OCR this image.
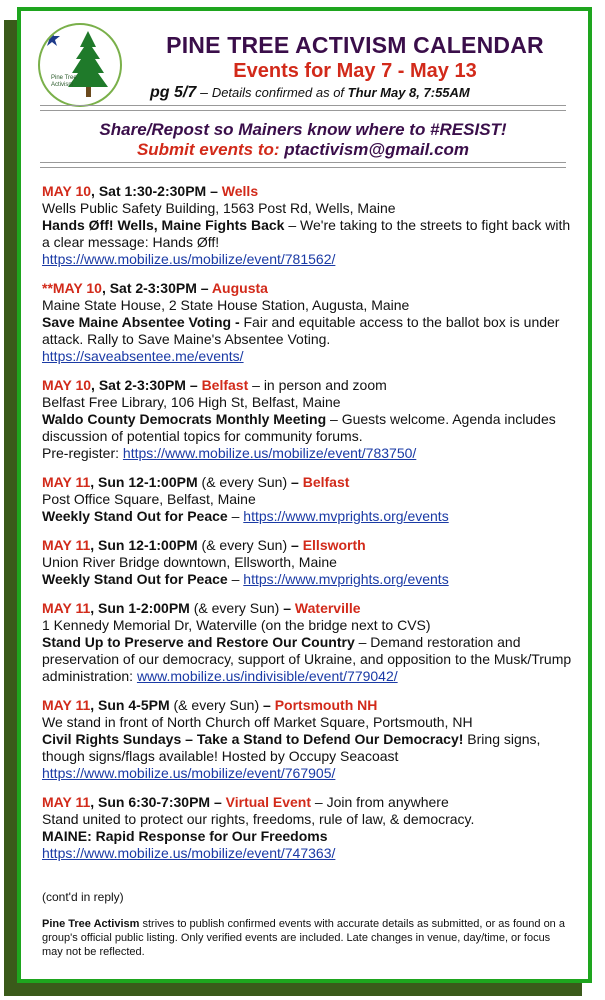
Pine Tree
Activism
PINE TREE ACTIVISM CALENDAR
Events for May 7 - May 13
pg 5/7 – Details confirmed as of Thur May 8, 7:55AM
Share/Repost so Mainers know where to #RESIST!
Submit events to: ptactivism@gmail.com
MAY 10, Sat 1:30-2:30PM – Wells
Wells Public Safety Building, 1563 Post Rd, Wells, Maine
Hands Øff! Wells, Maine Fights Back – We're taking to the streets to fight back with a clear message: Hands Øff!
https://www.mobilize.us/mobilize/event/781562/
**MAY 10, Sat 2-3:30PM – Augusta
Maine State House, 2 State House Station, Augusta, Maine
Save Maine Absentee Voting - Fair and equitable access to the ballot box is under attack. Rally to Save Maine's Absentee Voting.
https://saveabsentee.me/events/
MAY 10, Sat 2-3:30PM – Belfast – in person and zoom
Belfast Free Library, 106 High St, Belfast, Maine
Waldo County Democrats Monthly Meeting – Guests welcome. Agenda includes discussion of potential topics for community forums.
Pre-register: https://www.mobilize.us/mobilize/event/783750/
MAY 11, Sun 12-1:00PM (& every Sun) – Belfast
Post Office Square, Belfast, Maine
Weekly Stand Out for Peace – https://www.mvprights.org/events
MAY 11, Sun 12-1:00PM (& every Sun) – Ellsworth
Union River Bridge downtown, Ellsworth, Maine
Weekly Stand Out for Peace – https://www.mvprights.org/events
MAY 11, Sun 1-2:00PM (& every Sun) – Waterville
1 Kennedy Memorial Dr, Waterville (on the bridge next to CVS)
Stand Up to Preserve and Restore Our Country – Demand restoration and preservation of our democracy, support of Ukraine, and opposition to the Musk/Trump administration: www.mobilize.us/indivisible/event/779042/
MAY 11, Sun 4-5PM (& every Sun) – Portsmouth NH
We stand in front of North Church off Market Square, Portsmouth, NH
Civil Rights Sundays – Take a Stand to Defend Our Democracy! Bring signs, though signs/flags available! Hosted by Occupy Seacoast
https://www.mobilize.us/mobilize/event/767905/
MAY 11, Sun 6:30-7:30PM – Virtual Event – Join from anywhere
Stand united to protect our rights, freedoms, rule of law, & democracy.
MAINE: Rapid Response for Our Freedoms
https://www.mobilize.us/mobilize/event/747363/
(cont'd in reply)
Pine Tree Activism strives to publish confirmed events with accurate details as submitted, or as found on a group's official public listing. Only verified events are included. Late changes in venue, day/time, or focus may not be reflected.
